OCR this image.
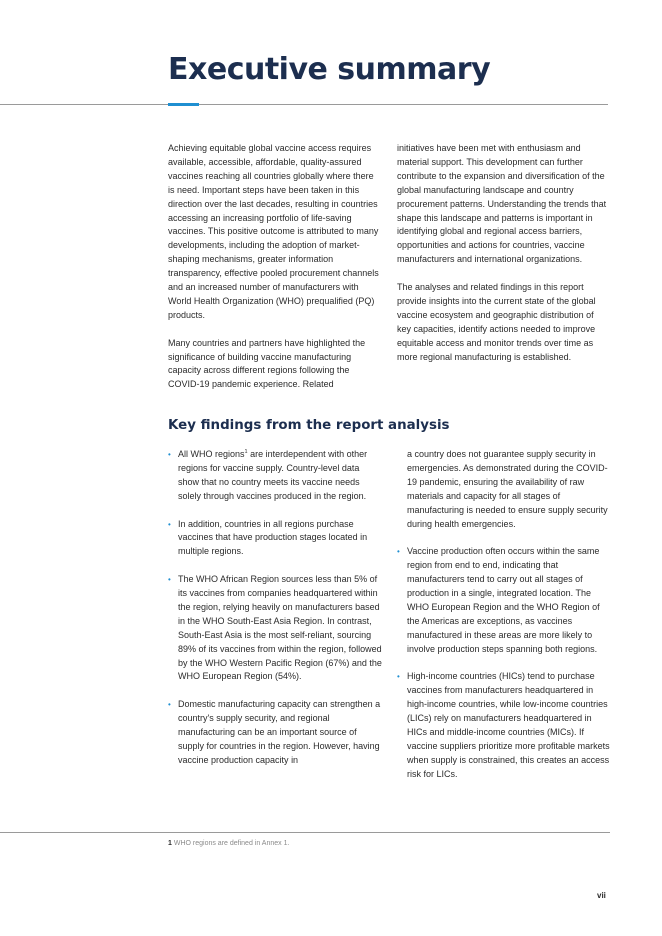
Executive summary

Achieving equitable global vaccine access requires available, accessible, affordable, quality-assured vaccines reaching all countries globally where there is need. Important steps have been taken in this direction over the last decades, resulting in countries accessing an increasing portfolio of life-saving vaccines. This positive outcome is attributed to many developments, including the adoption of market-shaping mechanisms, greater information transparency, effective pooled procurement channels and an increased number of manufacturers with World Health Organization (WHO) prequalified (PQ) products.

Many countries and partners have highlighted the significance of building vaccine manufacturing capacity across different regions following the COVID-19 pandemic experience. Related

initiatives have been met with enthusiasm and material support. This development can further contribute to the expansion and diversification of the global manufacturing landscape and country procurement patterns. Understanding the trends that shape this landscape and patterns is important in identifying global and regional access barriers, opportunities and actions for countries, vaccine manufacturers and international organizations.

The analyses and related findings in this report provide insights into the current state of the global vaccine ecosystem and geographic distribution of key capacities, identify actions needed to improve equitable access and monitor trends over time as more regional manufacturing is established.

Key findings from the report analysis
• All WHO regions$^1$ are interdependent with other regions for vaccine supply. Country-level data show that no country meets its vaccine needs solely through vaccines produced in the region.
• In addition, countries in all regions purchase vaccines that have production stages located in multiple regions.
• The WHO African Region sources less than 5% of its vaccines from companies headquartered within the region, relying heavily on manufacturers based in the WHO South-East Asia Region. In contrast, South-East Asia is the most self-reliant, sourcing 89% of its vaccines from within the region, followed by the WHO Western Pacific Region (67%) and the WHO European Region (54%).
• Domestic manufacturing capacity can strengthen a country's supply security, and regional manufacturing can be an important source of supply for countries in the region. However, having vaccine production capacity in
a country does not guarantee supply security in emergencies. As demonstrated during the COVID-19 pandemic, ensuring the availability of raw materials and capacity for all stages of manufacturing is needed to ensure supply security during health emergencies.
• Vaccine production often occurs within the same region from end to end, indicating that manufacturers tend to carry out all stages of production in a single, integrated location. The WHO European Region and the WHO Region of the Americas are exceptions, as vaccines manufactured in these areas are more likely to involve production steps spanning both regions.
• High-income countries (HICs) tend to purchase vaccines from manufacturers headquartered in high-income countries, while low-income countries (LICs) rely on manufacturers headquartered in HICs and middle-income countries (MICs). If vaccine suppliers prioritize more profitable markets when supply is constrained, this creates an access risk for LICs.
1 WHO regions are defined in Annex 1.
vii
